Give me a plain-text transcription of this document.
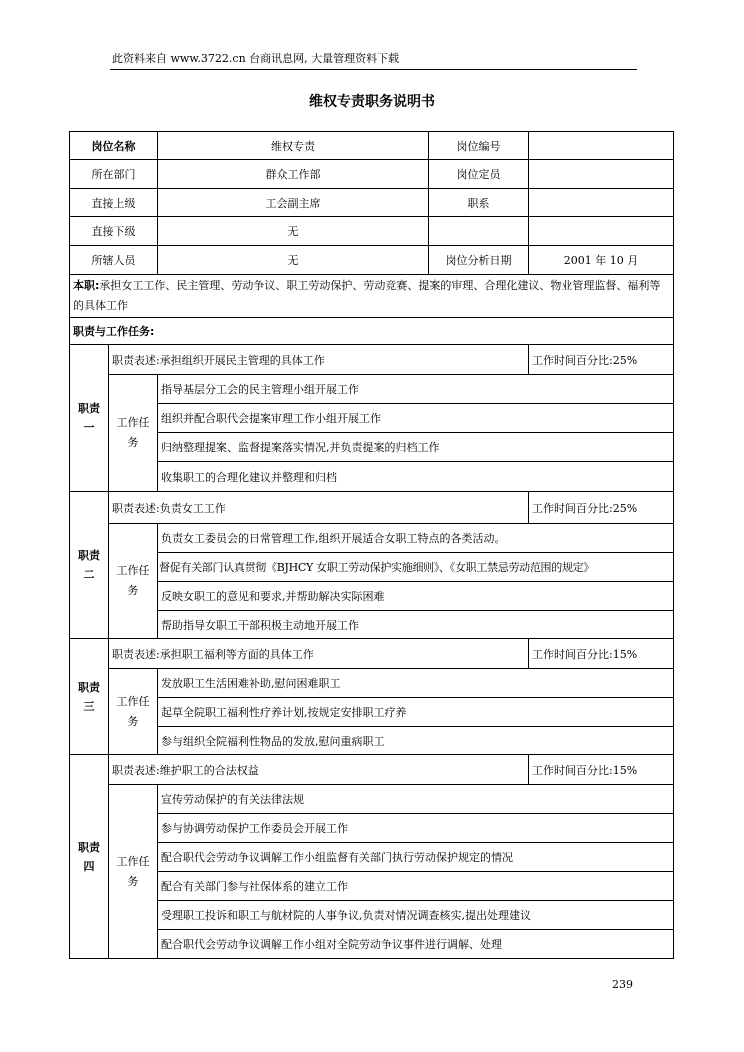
此资料来自 www.3722.cn 台商讯息网, 大量管理资料下载
维权专责职务说明书

岗位名称		维权专责	岗位编号	
所在部门		群众工作部	岗位定员	
直接上级		工会副主席	职系	
直接下级		无		
所辖人员		无	岗位分析日期	2001 年 10 月
本职:承担女工工作、民主管理、劳动争议、职工劳动保护、劳动竞赛、提案的审理、合理化建议、物业管理监督、福利等的具体工作				
职责与工作任务:				
职责一	职责表述:承担组织开展民主管理的具体工作			工作时间百分比:25%
	工作任务	指导基层分工会的民主管理小组开展工作		
		组织并配合职代会提案审理工作小组开展工作		
		归纳整理提案、监督提案落实情况,并负责提案的归档工作		
		收集职工的合理化建议并整理和归档		
职责二	职责表述:负责女工工作			工作时间百分比:25%
	工作任务	负责女工委员会的日常管理工作,组织开展适合女职工特点的各类活动。		
		督促有关部门认真贯彻《BJHCY 女职工劳动保护实施细则》、《女职工禁忌劳动范围的规定》		
		反映女职工的意见和要求,并帮助解决实际困难		
		帮助指导女职工干部积极主动地开展工作		
职责三	职责表述:承担职工福利等方面的具体工作			工作时间百分比:15%
	工作任务	发放职工生活困难补助,慰问困难职工		
		起草全院职工福利性疗养计划,按规定安排职工疗养		
		参与组织全院福利性物品的发放,慰问重病职工		
职责四	职责表述:维护职工的合法权益			工作时间百分比:15%
	工作任务	宣传劳动保护的有关法律法规		
		参与协调劳动保护工作委员会开展工作		
		配合职代会劳动争议调解工作小组监督有关部门执行劳动保护规定的情况		
		配合有关部门参与社保体系的建立工作		
		受理职工投诉和职工与航材院的人事争议,负责对情况调查核实,提出处理建议		
		配合职代会劳动争议调解工作小组对全院劳动争议事件进行调解、处理		
239
